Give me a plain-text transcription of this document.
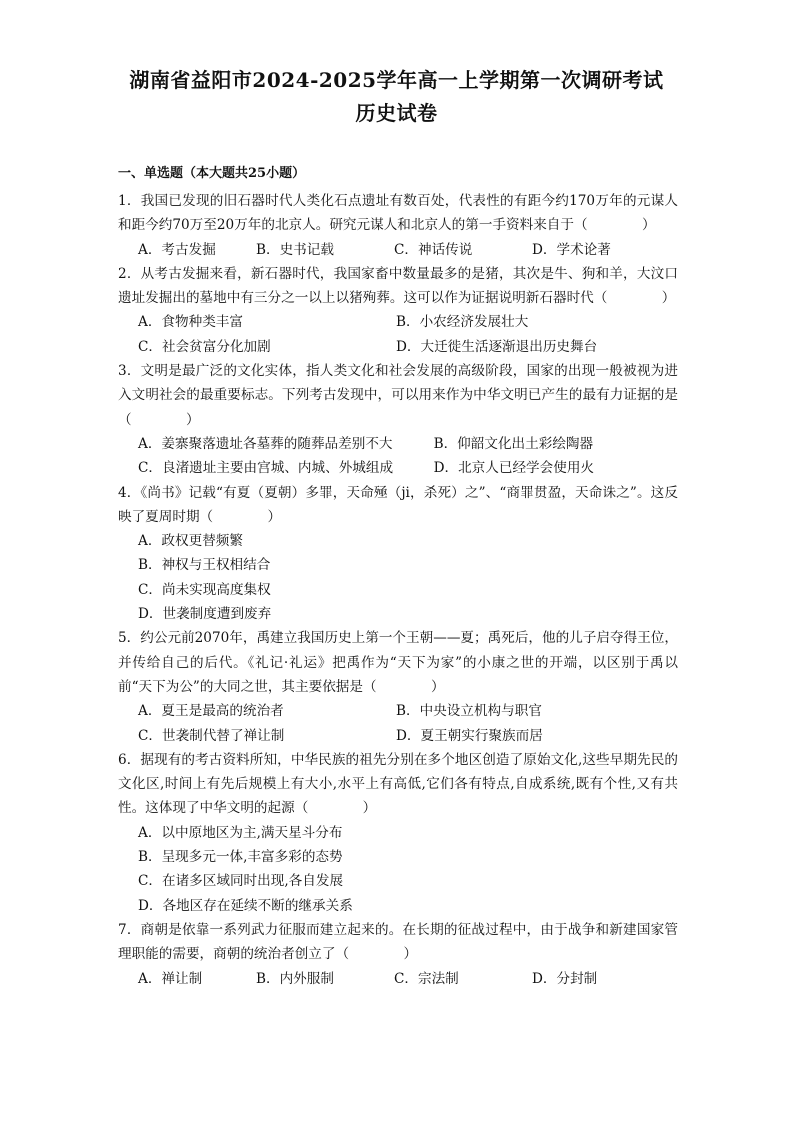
湖南省益阳市2024-2025学年高一上学期第一次调研考试
历史试卷
一、单选题（本大题共25小题）

1．我国已发现的旧石器时代人类化石点遗址有数百处，代表性的有距今约170万年的元谋人和距今约70万至20万年的北京人。研究元谋人和北京人的第一手资料来自于（　　　　）

A．考古发掘	B．史书记载	C．神话传说	D．学术论著

2．从考古发掘来看，新石器时代，我国家畜中数量最多的是猪，其次是牛、狗和羊，大汶口遗址发掘出的墓地中有三分之一以上以猪殉葬。这可以作为证据说明新石器时代（　　　　）

A．食物种类丰富	B．小农经济发展壮大
C．社会贫富分化加剧	D．大迁徙生活逐渐退出历史舞台

3．文明是最广泛的文化实体，指人类文化和社会发展的高级阶段，国家的出现一般被视为进入文明社会的最重要标志。下列考古发现中，可以用来作为中华文明已产生的最有力证据的是（　　　　）

A．姜寨聚落遗址各墓葬的随葬品差别不大	B．仰韶文化出土彩绘陶器
C．良渚遗址主要由宫城、内城、外城组成	D．北京人已经学会使用火

4．《尚书》记载“有夏（夏朝）多罪，天命殛（ji，杀死）之”、“商罪贯盈，天命诛之”。这反映了夏周时期（　　　　）

A．政权更替频繁
B．神权与王权相结合
C．尚未实现高度集权
D．世袭制度遭到废弃

5．约公元前2070年，禹建立我国历史上第一个王朝——夏；禹死后，他的儿子启夺得王位，并传给自己的后代。《礼记·礼运》把禹作为“天下为家”的小康之世的开端，以区别于禹以前“天下为公”的大同之世，其主要依据是（　　　　）

A．夏王是最高的统治者	B．中央设立机构与职官
C．世袭制代替了禅让制	D．夏王朝实行聚族而居

6．据现有的考古资料所知，中华民族的祖先分别在多个地区创造了原始文化,这些早期先民的文化区,时间上有先后规模上有大小,水平上有高低,它们各有特点,自成系统,既有个性,又有共性。这体现了中华文明的起源（　　　　）

A．以中原地区为主,满天星斗分布
B．呈现多元一体,丰富多彩的态势
C．在诸多区域同时出现,各自发展
D．各地区存在延续不断的继承关系

7．商朝是依靠一系列武力征服而建立起来的。在长期的征战过程中，由于战争和新建国家管理职能的需要，商朝的统治者创立了（　　　　）

A．禅让制	B．内外服制	C．宗法制	D．分封制
